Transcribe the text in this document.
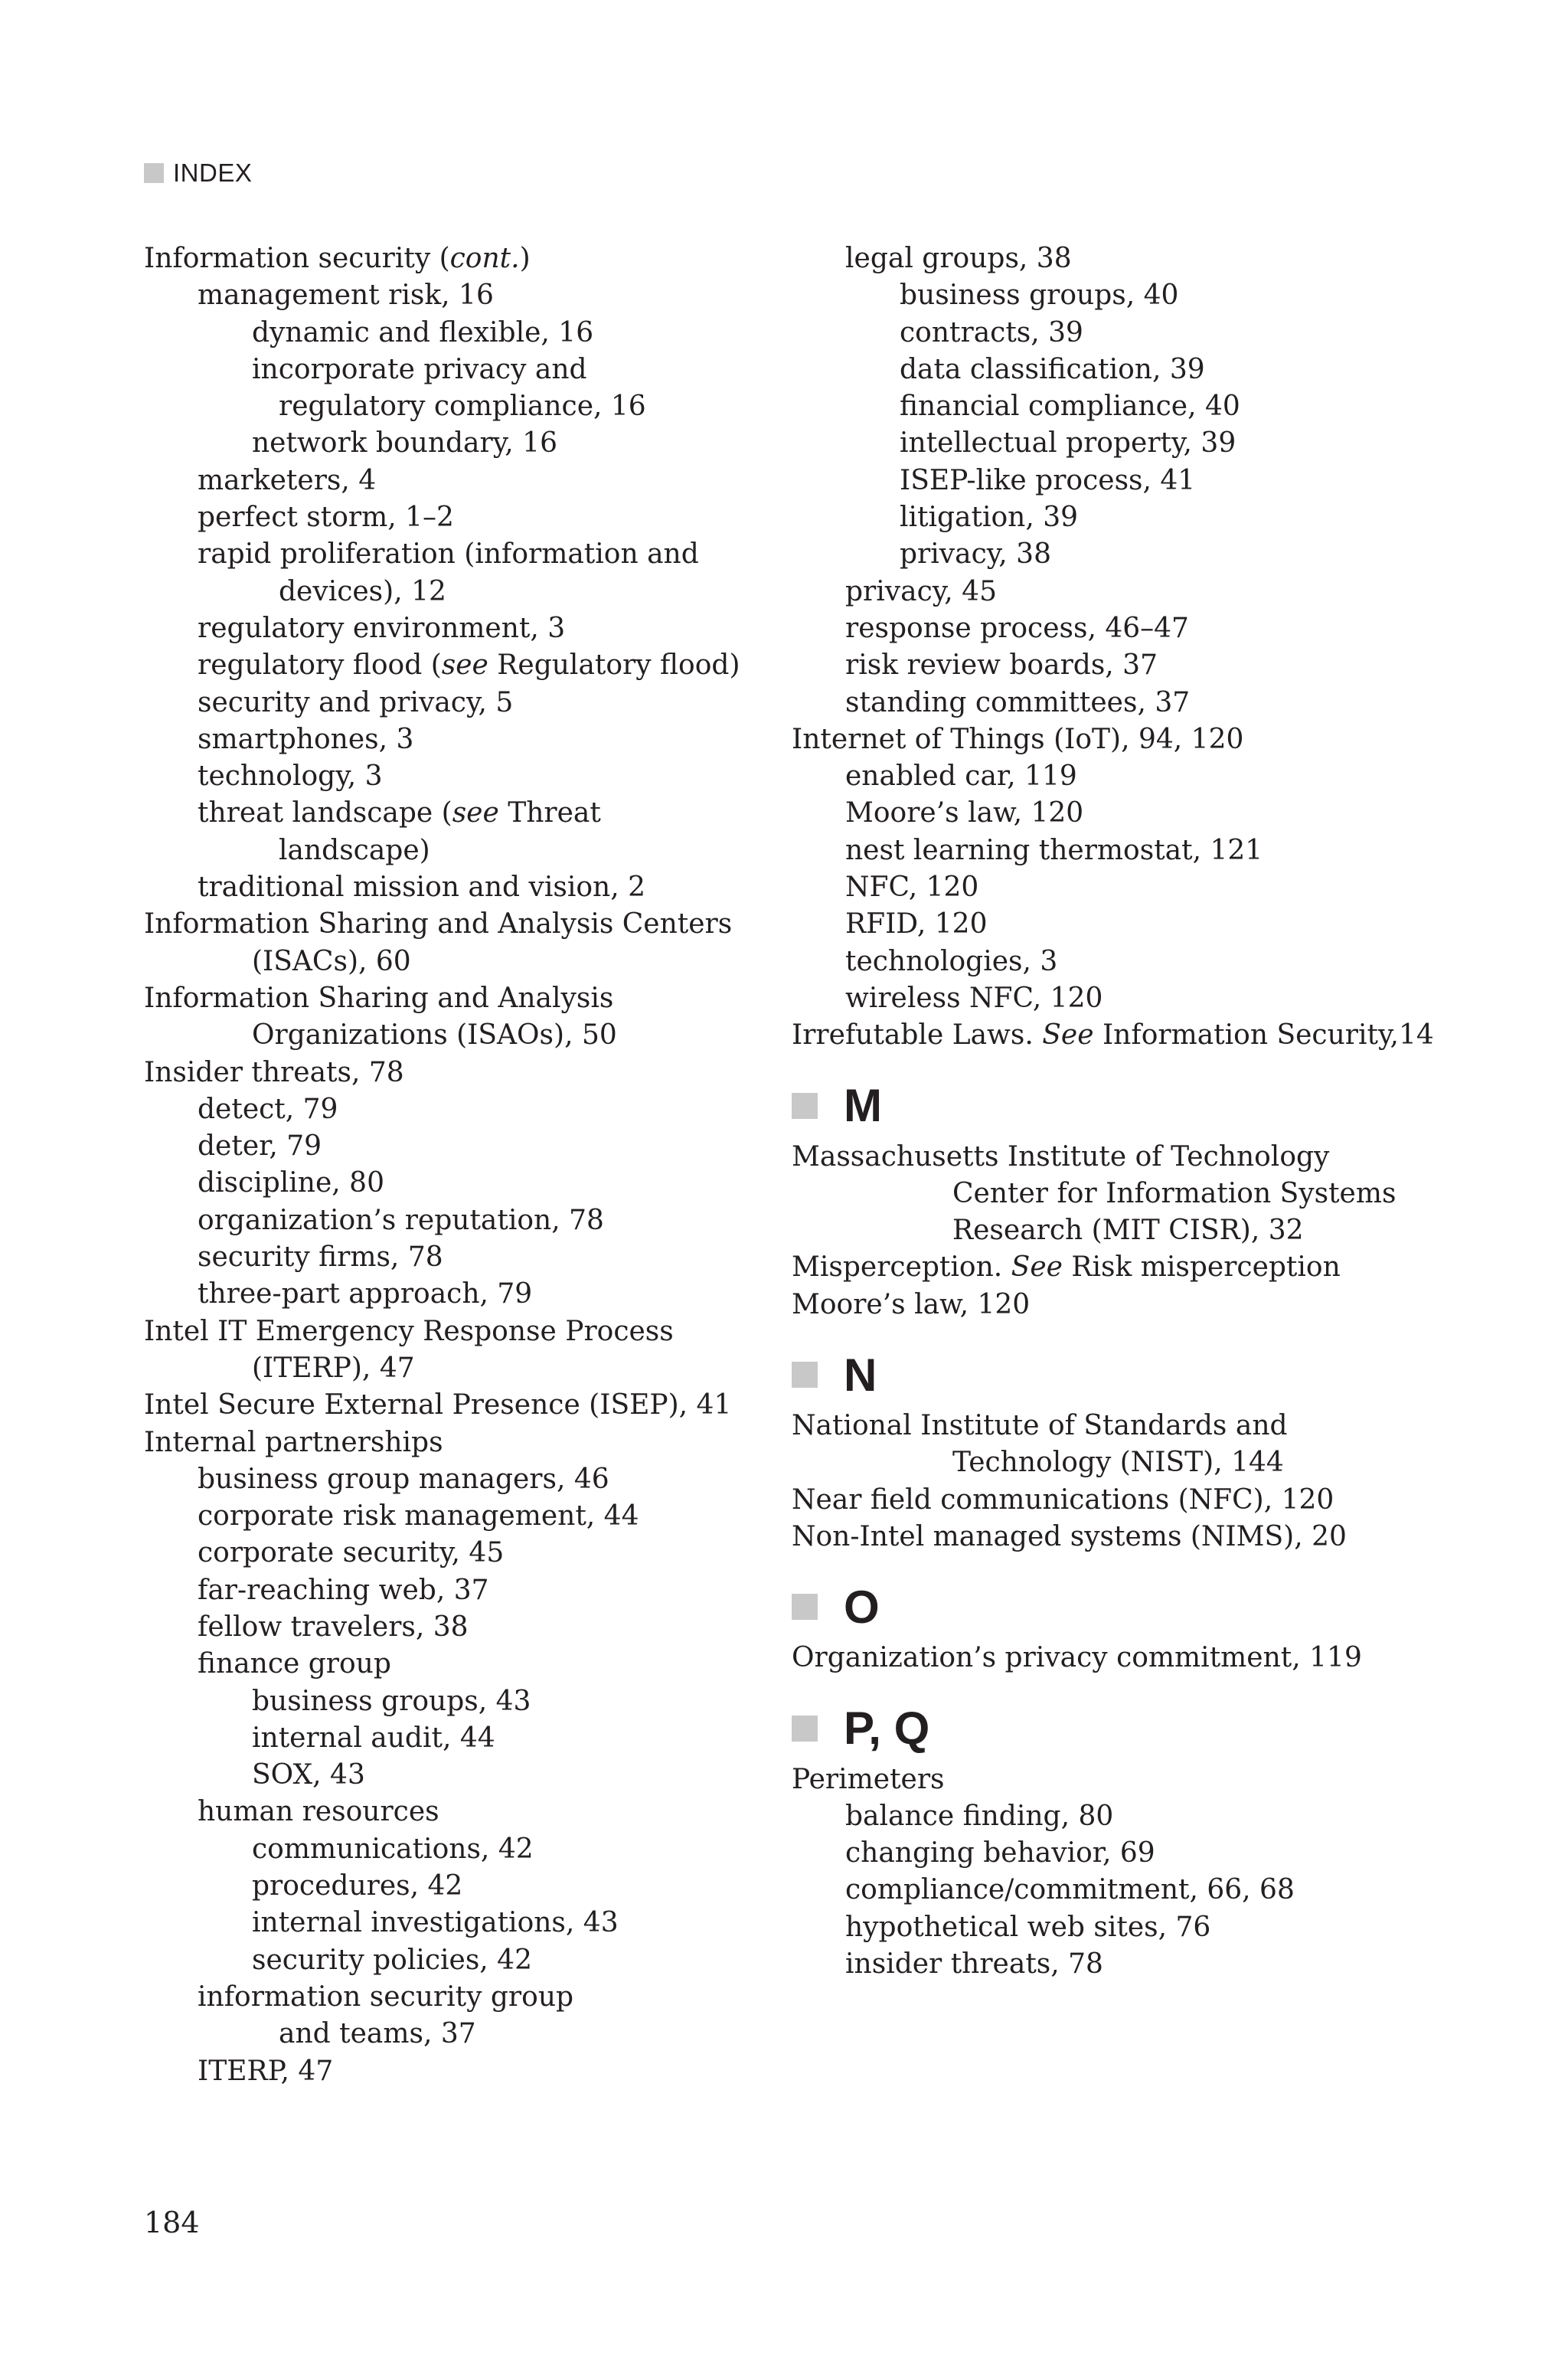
INDEX
Information security (cont.)
management risk, 16
dynamic and flexible, 16
incorporate privacy and
regulatory compliance, 16
network boundary, 16
marketers, 4
perfect storm, 1–2
rapid proliferation (information and
devices), 12
regulatory environment, 3
regulatory flood (see Regulatory flood)
security and privacy, 5
smartphones, 3
technology, 3
threat landscape (see Threat
landscape)
traditional mission and vision, 2
Information Sharing and Analysis Centers
(ISACs), 60
Information Sharing and Analysis
Organizations (ISAOs), 50
Insider threats, 78
detect, 79
deter, 79
discipline, 80
organization’s reputation, 78
security firms, 78
three-part approach, 79
Intel IT Emergency Response Process
(ITERP), 47
Intel Secure External Presence (ISEP), 41
Internal partnerships
business group managers, 46
corporate risk management, 44
corporate security, 45
far-reaching web, 37
fellow travelers, 38
finance group
business groups, 43
internal audit, 44
SOX, 43
human resources
communications, 42
procedures, 42
internal investigations, 43
security policies, 42
information security group
and teams, 37
ITERP, 47
legal groups, 38
business groups, 40
contracts, 39
data classification, 39
financial compliance, 40
intellectual property, 39
ISEP-like process, 41
litigation, 39
privacy, 38
privacy, 45
response process, 46–47
risk review boards, 37
standing committees, 37
Internet of Things (IoT), 94, 120
enabled car, 119
Moore’s law, 120
nest learning thermostat, 121
NFC, 120
RFID, 120
technologies, 3
wireless NFC, 120
Irrefutable Laws. See Information Security,14
M
Massachusetts Institute of Technology
Center for Information Systems
Research (MIT CISR), 32
Misperception. See Risk misperception
Moore’s law, 120
N
National Institute of Standards and
Technology (NIST), 144
Near field communications (NFC), 120
Non-Intel managed systems (NIMS), 20
O
Organization’s privacy commitment, 119
P, Q
Perimeters
balance finding, 80
changing behavior, 69
compliance/commitment, 66, 68
hypothetical web sites, 76
insider threats, 78
184
